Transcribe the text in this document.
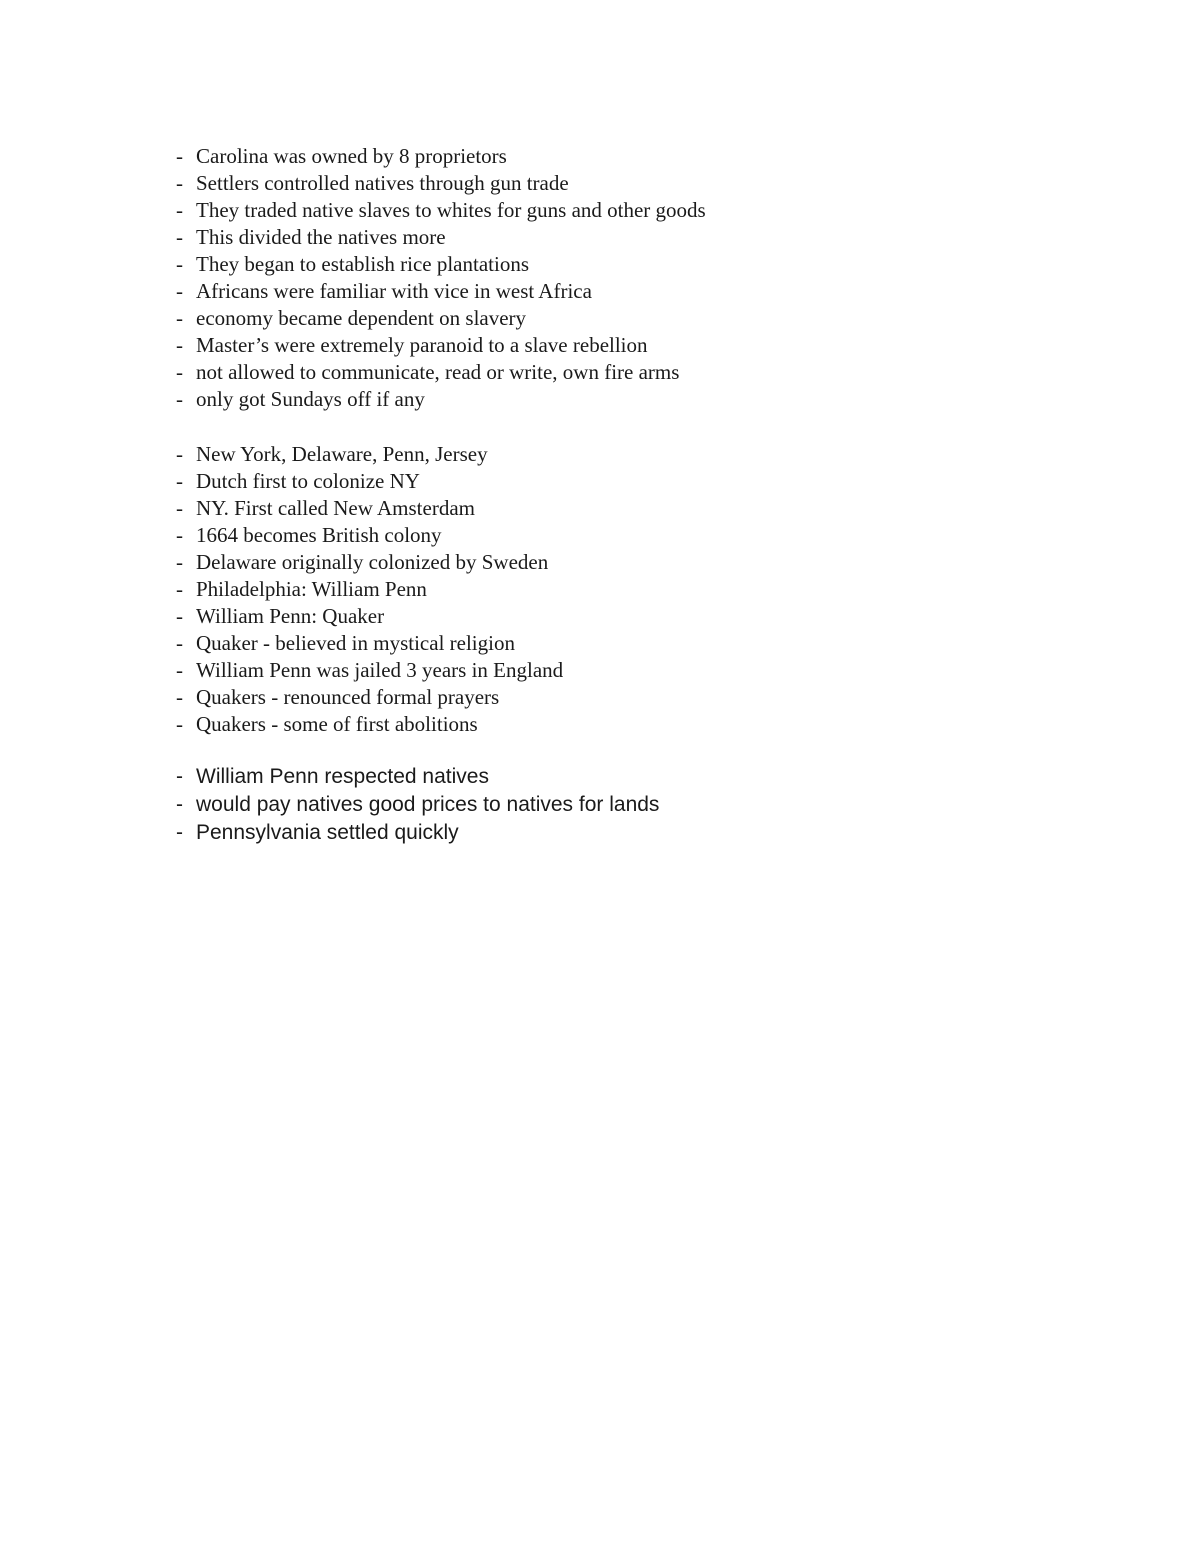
- Carolina was owned by 8 proprietors
- Settlers controlled natives through gun trade
- They traded native slaves to whites for guns and other goods
- This divided the natives more
- They began to establish rice plantations
- Africans were familiar with vice in west Africa
- economy became dependent on slavery
- Master’s were extremely paranoid to a slave rebellion
- not allowed to communicate, read or write, own fire arms
- only got Sundays off if any
- New York, Delaware, Penn, Jersey
- Dutch first to colonize NY
- NY. First called New Amsterdam
- 1664 becomes British colony
- Delaware originally colonized by Sweden
- Philadelphia: William Penn
- William Penn: Quaker
- Quaker - believed in mystical religion
- William Penn was jailed 3 years in England
- Quakers - renounced formal prayers
- Quakers - some of first abolitions
- William Penn respected natives
- would pay natives good prices to natives for lands
- Pennsylvania settled quickly
